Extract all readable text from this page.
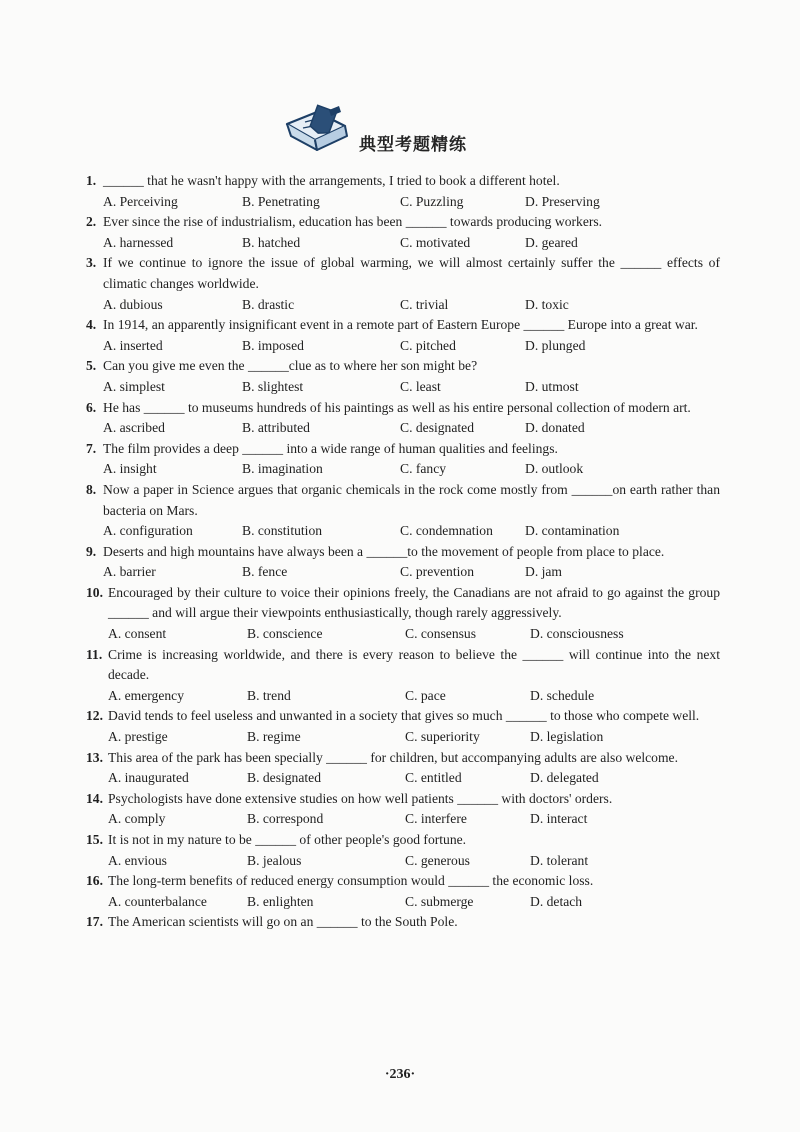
典型考题精练
1. ______ that he wasn't happy with the arrangements, I tried to book a different hotel.
A. Perceiving	B. Penetrating	C. Puzzling	D. Preserving
2. Ever since the rise of industrialism, education has been ______ towards producing workers.
A. harnessed	B. hatched	C. motivated	D. geared
3. If we continue to ignore the issue of global warming, we will almost certainly suffer the ______ effects of climatic changes worldwide.
A. dubious	B. drastic	C. trivial	D. toxic
4. In 1914, an apparently insignificant event in a remote part of Eastern Europe ______ Europe into a great war.
A. inserted	B. imposed	C. pitched	D. plunged
5. Can you give me even the ______clue as to where her son might be?
A. simplest	B. slightest	C. least	D. utmost
6. He has ______ to museums hundreds of his paintings as well as his entire personal collection of modern art.
A. ascribed	B. attributed	C. designated	D. donated
7. The film provides a deep ______ into a wide range of human qualities and feelings.
A. insight	B. imagination	C. fancy	D. outlook
8. Now a paper in Science argues that organic chemicals in the rock come mostly from ______on earth rather than bacteria on Mars.
A. configuration	B. constitution	C. condemnation	D. contamination
9. Deserts and high mountains have always been a ______to the movement of people from place to place.
A. barrier	B. fence	C. prevention	D. jam
10. Encouraged by their culture to voice their opinions freely, the Canadians are not afraid to go against the group ______ and will argue their viewpoints enthusiastically, though rarely aggressively.
A. consent	B. conscience	C. consensus	D. consciousness
11. Crime is increasing worldwide, and there is every reason to believe the ______ will continue into the next decade.
A. emergency	B. trend	C. pace	D. schedule
12. David tends to feel useless and unwanted in a society that gives so much ______ to those who compete well.
A. prestige	B. regime	C. superiority	D. legislation
13. This area of the park has been specially ______ for children, but accompanying adults are also welcome.
A. inaugurated	B. designated	C. entitled	D. delegated
14. Psychologists have done extensive studies on how well patients ______ with doctors' orders.
A. comply	B. correspond	C. interfere	D. interact
15. It is not in my nature to be ______ of other people's good fortune.
A. envious	B. jealous	C. generous	D. tolerant
16. The long-term benefits of reduced energy consumption would ______ the economic loss.
A. counterbalance	B. enlighten	C. submerge	D. detach
17. The American scientists will go on an ______ to the South Pole.
·236·
